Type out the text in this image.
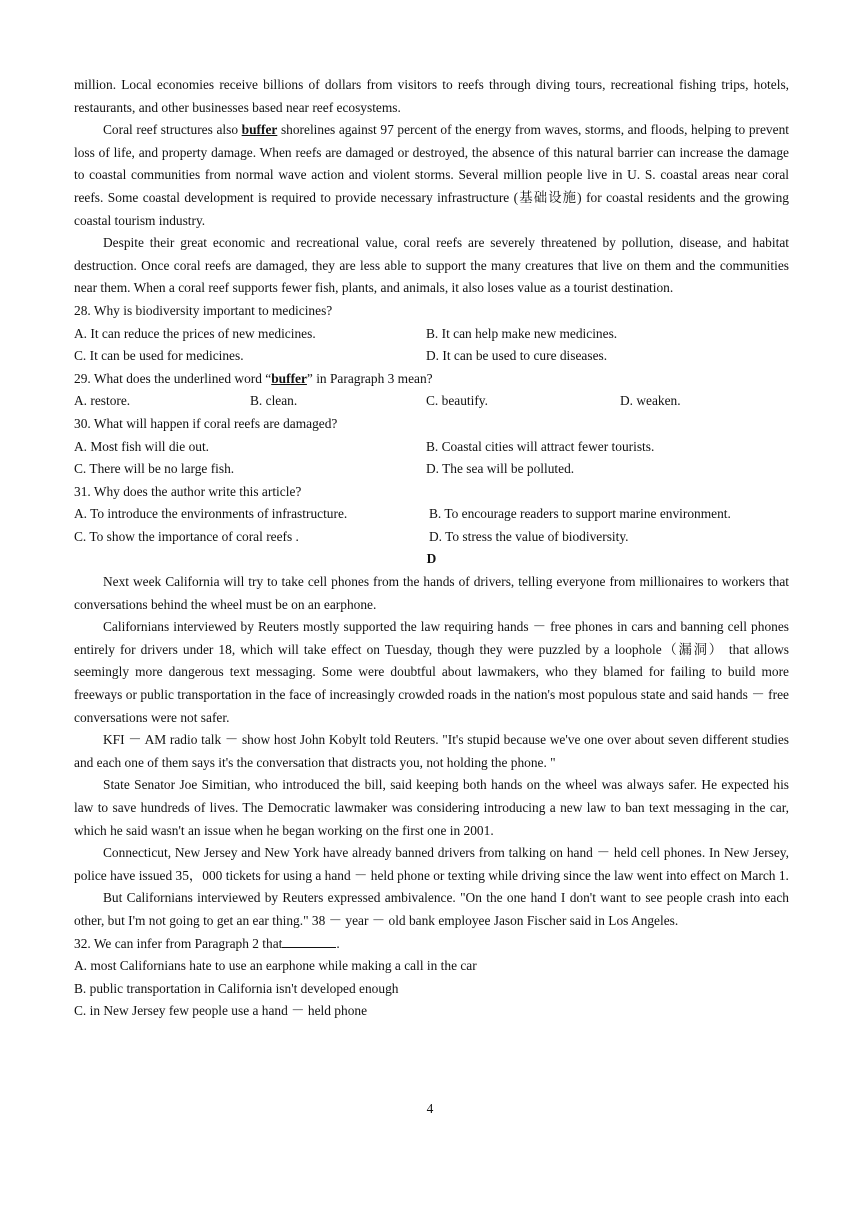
million. Local economies receive billions of dollars from visitors to reefs through diving tours, recreational fishing trips, hotels, restaurants, and other businesses based near reef ecosystems.

Coral reef structures also buffer shorelines against 97 percent of the energy from waves, storms, and floods, helping to prevent loss of life, and property damage. When reefs are damaged or destroyed, the absence of this natural barrier can increase the damage to coastal communities from normal wave action and violent storms. Several million people live in U. S. coastal areas near coral reefs. Some coastal development is required to provide necessary infrastructure (基础设施) for coastal residents and the growing coastal tourism industry.

Despite their great economic and recreational value, coral reefs are severely threatened by pollution, disease, and habitat destruction. Once coral reefs are damaged, they are less able to support the many creatures that live on them and the communities near them. When a coral reef supports fewer fish, plants, and animals, it also loses value as a tourist destination.

28. Why is biodiversity important to medicines?

A. It can reduce the prices of new medicines.	B. It can help make new medicines.
C. It can be used for medicines.	D. It can be used to cure diseases.

29. What does the underlined word “buffer” in Paragraph 3 mean?

A. restore.	B. clean.	C. beautify.	D. weaken.

30. What will happen if coral reefs are damaged?

A. Most fish will die out.	B. Coastal cities will attract fewer tourists.
C. There will be no large fish.	D. The sea will be polluted.

31. Why does the author write this article?

A. To introduce the environments of infrastructure.	B. To encourage readers to support marine environment.
C. To show the importance of coral reefs .	D. To stress the value of biodiversity.

D

Next week California will try to take cell phones from the hands of drivers, telling everyone from millionaires to workers that conversations behind the wheel must be on an earphone.

Californians interviewed by Reuters mostly supported the law requiring hands － free phones in cars and banning cell phones entirely for drivers under 18, which will take effect on Tuesday, though they were puzzled by a loophole（漏洞） that allows seemingly more dangerous text messaging. Some were doubtful about lawmakers, who they blamed for failing to build more freeways or public transportation in the face of increasingly crowded roads in the nation's most populous state and said hands － free conversations were not safer.

KFI － AM radio talk － show host John Kobylt told Reuters. "It's stupid because we've one over about seven different studies and each one of them says it's the conversation that distracts you, not holding the phone. "

State Senator Joe Simitian, who introduced the bill, said keeping both hands on the wheel was always safer. He expected his law to save hundreds of lives. The Democratic lawmaker was considering introducing a new law to ban text messaging in the car, which he said wasn't an issue when he began working on the first one in 2001.

Connecticut, New Jersey and New York have already banned drivers from talking on hand － held cell phones. In New Jersey, police have issued 35，000 tickets for using a hand － held phone or texting while driving since the law went into effect on March 1.

But Californians interviewed by Reuters expressed ambivalence. "On the one hand I don't want to see people crash into each other, but I'm not going to get an ear thing." 38 － year － old bank employee Jason Fischer said in Los Angeles.

32. We can infer from Paragraph 2 that	.

A. most Californians hate to use an earphone while making a call in the car

B. public transportation in California isn't developed enough

C. in New Jersey few people use a hand － held phone

4
